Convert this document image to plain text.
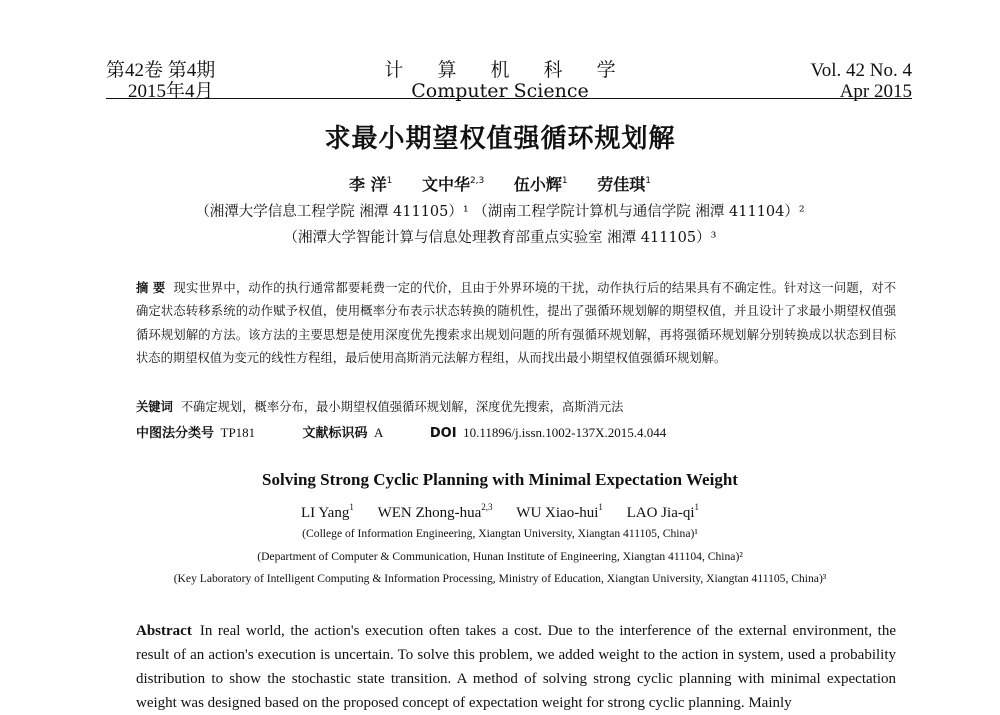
第42卷 第4期
2015年4月
计 算 机 科 学
Computer Science
Vol. 42 No. 4
Apr 2015
求最小期望权值强循环规划解
李 洋$^1$ 文中华$^{2,3}$ 伍小辉$^1$ 劳佳琪$^1$
（湘潭大学信息工程学院 湘潭 411105）¹ （湖南工程学院计算机与通信学院 湘潭 411104）²
（湘潭大学智能计算与信息处理教育部重点实验室 湘潭 411105）³
摘 要 现实世界中，动作的执行通常都要耗费一定的代价，且由于外界环境的干扰，动作执行后的结果具有不确定性。针对这一问题，对不确定状态转移系统的动作赋予权值，使用概率分布表示状态转换的随机性，提出了强循环规划解的期望权值，并且设计了求最小期望权值强循环规划解的方法。该方法的主要思想是使用深度优先搜索求出规划问题的所有强循环规划解，再将强循环规划解分别转换成以状态到目标状态的期望权值为变元的线性方程组，最后使用高斯消元法解方程组，从而找出最小期望权值强循环规划解。
关键词 不确定规划，概率分布，最小期望权值强循环规划解，深度优先搜索，高斯消元法
中图法分类号 TP181	文献标识码 A	DOI 10.11896/j.issn.1002-137X.2015.4.044
Solving Strong Cyclic Planning with Minimal Expectation Weight
LI Yang$^1$ WEN Zhong-hua$^{2,3}$ WU Xiao-hui$^1$ LAO Jia-$qi^1$
(College of Information Engineering, Xiangtan University, Xiangtan 411105, China)¹
(Department of Computer & Communication, Hunan Institute of Engineering, Xiangtan 411104, China)²
(Key Laboratory of Intelligent Computing & Information Processing, Ministry of Education, Xiangtan University, Xiangtan 411105, China)³
Abstract In real world, the action's execution often takes a cost. Due to the interference of the external environment, the result of an action's execution is uncertain. To solve this problem, we added weight to the action in system, used a probability distribution to show the stochastic state transition. A method of solving strong cyclic planning with minimal expectation weight was designed based on the proposed concept of expectation weight for strong cyclic planning. Mainly
